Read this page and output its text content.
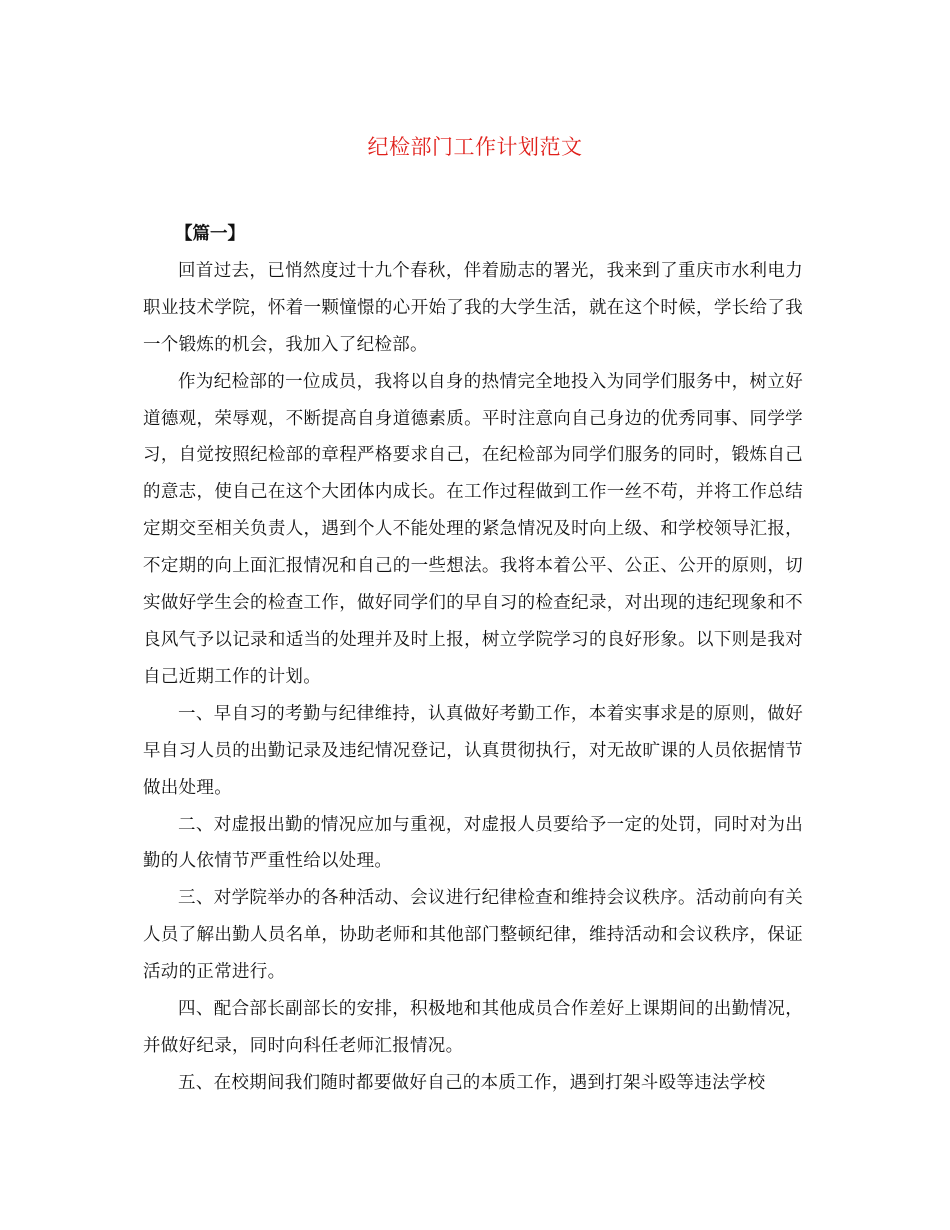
纪检部门工作计划范文

【篇一】

回首过去，已悄然度过十九个春秋，伴着励志的署光，我来到了重庆市水利电力职业技术学院，怀着一颗憧憬的心开始了我的大学生活，就在这个时候，学长给了我一个锻炼的机会，我加入了纪检部。

作为纪检部的一位成员，我将以自身的热情完全地投入为同学们服务中，树立好道德观，荣辱观，不断提高自身道德素质。平时注意向自己身边的优秀同事、同学学习，自觉按照纪检部的章程严格要求自己，在纪检部为同学们服务的同时，锻炼自己的意志，使自己在这个大团体内成长。在工作过程做到工作一丝不苟，并将工作总结定期交至相关负责人，遇到个人不能处理的紧急情况及时向上级、和学校领导汇报，不定期的向上面汇报情况和自己的一些想法。我将本着公平、公正、公开的原则，切实做好学生会的检查工作，做好同学们的早自习的检查纪录，对出现的违纪现象和不良风气予以记录和适当的处理并及时上报，树立学院学习的良好形象。以下则是我对自己近期工作的计划。

一、早自习的考勤与纪律维持，认真做好考勤工作，本着实事求是的原则，做好早自习人员的出勤记录及违纪情况登记，认真贯彻执行，对无故旷课的人员依据情节做出处理。

二、对虚报出勤的情况应加与重视，对虚报人员要给予一定的处罚，同时对为出勤的人依情节严重性给以处理。

三、对学院举办的各种活动、会议进行纪律检查和维持会议秩序。活动前向有关人员了解出勤人员名单，协助老师和其他部门整顿纪律，维持活动和会议秩序，保证活动的正常进行。

四、配合部长副部长的安排，积极地和其他成员合作差好上课期间的出勤情况，并做好纪录，同时向科任老师汇报情况。

五、在校期间我们随时都要做好自己的本质工作，遇到打架斗殴等违法学校
